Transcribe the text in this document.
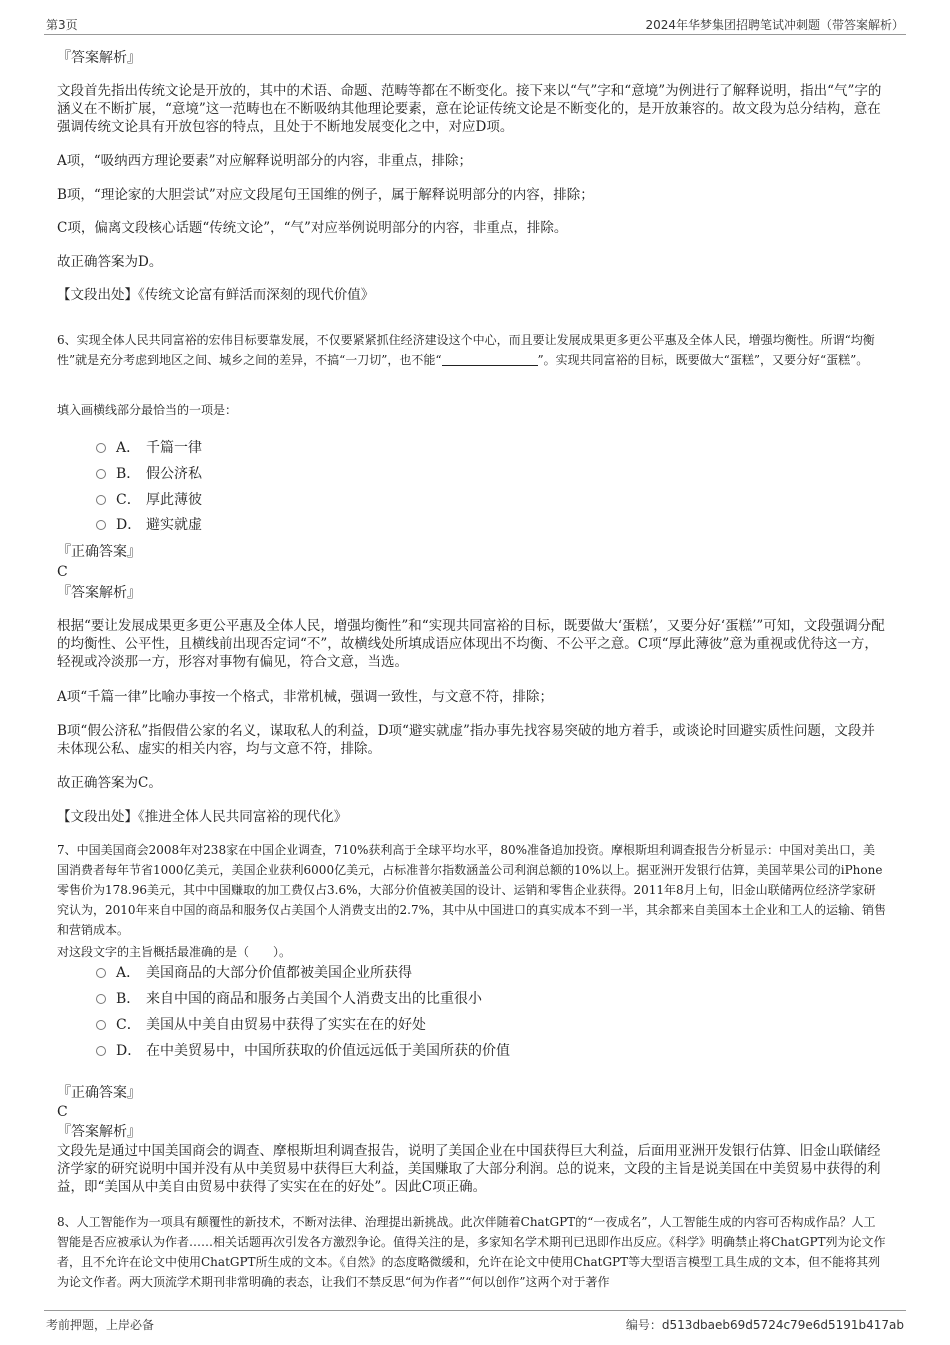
第3页	2024年华梦集团招聘笔试冲刺题（带答案解析）
『答案解析』
文段首先指出传统文论是开放的，其中的术语、命题、范畴等都在不断变化。接下来以“气”字和“意境”为例进行了解释说明，指出“气”字的涵义在不断扩展，“意境”这一范畴也在不断吸纳其他理论要素，意在论证传统文论是不断变化的，是开放兼容的。故文段为总分结构，意在强调传统文论具有开放包容的特点，且处于不断地发展变化之中，对应D项。
A项，“吸纳西方理论要素”对应解释说明部分的内容，非重点，排除；
B项，“理论家的大胆尝试”对应文段尾句王国维的例子，属于解释说明部分的内容，排除；
C项，偏离文段核心话题“传统文论”，“气”对应举例说明部分的内容，非重点，排除。
故正确答案为D。
【文段出处】《传统文论富有鲜活而深刻的现代价值》
6、实现全体人民共同富裕的宏伟目标要靠发展，不仅要紧紧抓住经济建设这个中心，而且要让发展成果更多更公平惠及全体人民，增强均衡性。所谓“均衡性”就是充分考虑到地区之间、城乡之间的差异，不搞“一刀切”，也不能“	”。实现共同富裕的目标，既要做大“蛋糕”，又要分好“蛋糕”。
填入画横线部分最恰当的一项是：
A． 千篇一律
B． 假公济私
C． 厚此薄彼
D． 避实就虚
『正确答案』
C
『答案解析』
根据“要让发展成果更多更公平惠及全体人民，增强均衡性”和“实现共同富裕的目标，既要做大‘蛋糕’，又要分好‘蛋糕’”可知，文段强调分配的均衡性、公平性，且横线前出现否定词“不”，故横线处所填成语应体现出不均衡、不公平之意。C项“厚此薄彼”意为重视或优待这一方，轻视或冷淡那一方，形容对事物有偏见，符合文意，当选。
A项“千篇一律”比喻办事按一个格式，非常机械，强调一致性，与文意不符，排除；
B项“假公济私”指假借公家的名义，谋取私人的利益，D项“避实就虚”指办事先找容易突破的地方着手，或谈论时回避实质性问题，文段并未体现公私、虚实的相关内容，均与文意不符，排除。
故正确答案为C。
【文段出处】《推进全体人民共同富裕的现代化》
7、中国美国商会2008年对238家在中国企业调查，710%获利高于全球平均水平，80%准备追加投资。摩根斯坦利调查报告分析显示：中国对美出口，美国消费者每年节省1000亿美元，美国企业获利6000亿美元，占标准普尔指数涵盖公司利润总额的10%以上。据亚洲开发银行估算，美国苹果公司的iPhone零售价为178.96美元，其中中国赚取的加工费仅占3.6%，大部分价值被美国的设计、运销和零售企业获得。2011年8月上旬，旧金山联储两位经济学家研究认为，2010年来自中国的商品和服务仅占美国个人消费支出的2.7%，其中从中国进口的真实成本不到一半，其余都来自美国本土企业和工人的运输、销售和营销成本。
对这段文字的主旨概括最准确的是（　　）。
A． 美国商品的大部分价值都被美国企业所获得
B． 来自中国的商品和服务占美国个人消费支出的比重很小
C． 美国从中美自由贸易中获得了实实在在的好处
D． 在中美贸易中，中国所获取的价值远远低于美国所获的价值
『正确答案』
C
『答案解析』
文段先是通过中国美国商会的调查、摩根斯坦利调查报告，说明了美国企业在中国获得巨大利益，后面用亚洲开发银行估算、旧金山联储经济学家的研究说明中国并没有从中美贸易中获得巨大利益，美国赚取了大部分利润。总的说来，文段的主旨是说美国在中美贸易中获得的利益，即“美国从中美自由贸易中获得了实实在在的好处”。因此C项正确。
8、人工智能作为一项具有颠覆性的新技术，不断对法律、治理提出新挑战。此次伴随着ChatGPT的“一夜成名”，人工智能生成的内容可否构成作品？人工智能是否应被承认为作者……相关话题再次引发各方激烈争论。值得关注的是，多家知名学术期刊已迅即作出反应。《科学》明确禁止将ChatGPT列为论文作者，且不允许在论文中使用ChatGPT所生成的文本。《自然》的态度略微缓和，允许在论文中使用ChatGPT等大型语言模型工具生成的文本，但不能将其列为论文作者。两大顶流学术期刊非常明确的表态，让我们不禁反思“何为作者”“何以创作”这两个对于著作
考前押题，上岸必备	编号：d513dbaeb69d5724c79e6d5191b417ab
